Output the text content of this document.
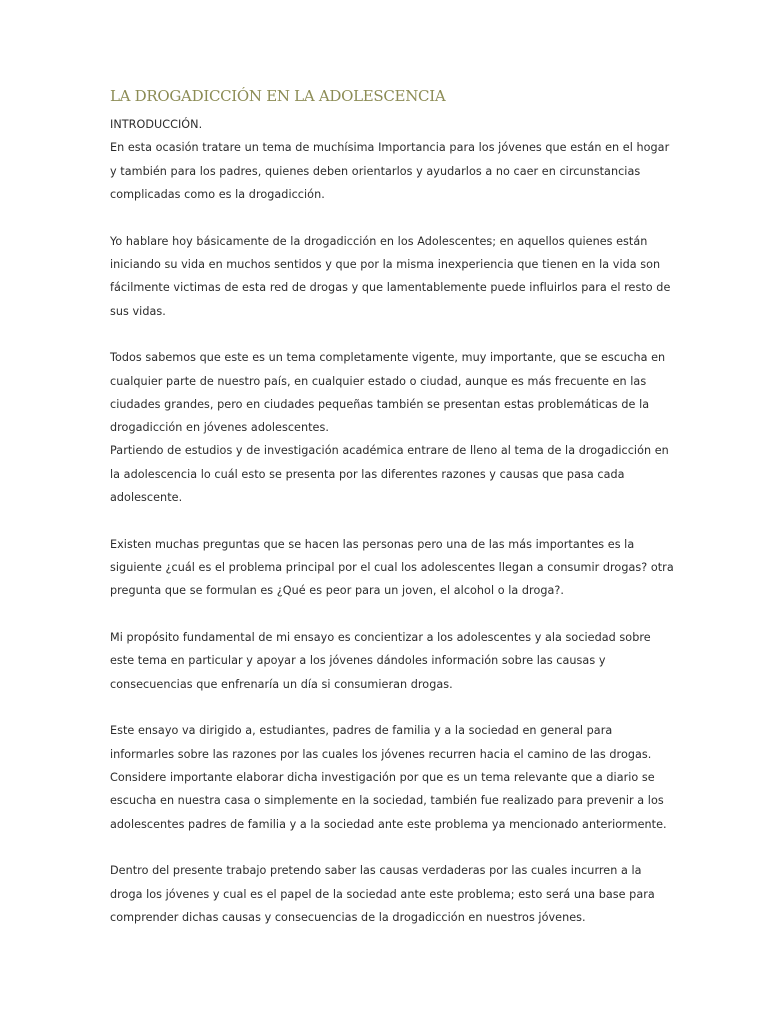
LA DROGADICCIÓN EN LA ADOLESCENCIA
INTRODUCCIÓN.
En esta ocasión tratare un tema de muchísima Importancia para los jóvenes que están en el hogar
y también para los padres, quienes deben orientarlos y ayudarlos a no caer en circunstancias
complicadas como es la drogadicción.
Yo hablare hoy básicamente de la drogadicción en los Adolescentes; en aquellos quienes están
iniciando su vida en muchos sentidos y que por la misma inexperiencia que tienen en la vida son
fácilmente victimas de esta red de drogas y que lamentablemente puede influirlos para el resto de
sus vidas.
Todos sabemos que este es un tema completamente vigente, muy importante, que se escucha en
cualquier parte de nuestro país, en cualquier estado o ciudad, aunque es más frecuente en las
ciudades grandes, pero en ciudades pequeñas también se presentan estas problemáticas de la
drogadicción en jóvenes adolescentes.
Partiendo de estudios y de investigación académica entrare de lleno al tema de la drogadicción en
la adolescencia lo cuál esto se presenta por las diferentes razones y causas que pasa cada
adolescente.
Existen muchas preguntas que se hacen las personas pero una de las más importantes es la
siguiente ¿cuál es el problema principal por el cual los adolescentes llegan a consumir drogas? otra
pregunta que se formulan es ¿Qué es peor para un joven, el alcohol o la droga?.
Mi propósito fundamental de mi ensayo es concientizar a los adolescentes y ala sociedad sobre
este tema en particular y apoyar a los jóvenes dándoles información sobre las causas y
consecuencias que enfrenaría un día si consumieran drogas.
Este ensayo va dirigido a, estudiantes, padres de familia y a la sociedad en general para
informarles sobre las razones por las cuales los jóvenes recurren hacia el camino de las drogas.
Considere importante elaborar dicha investigación por que es un tema relevante que a diario se
escucha en nuestra casa o simplemente en la sociedad, también fue realizado para prevenir a los
adolescentes padres de familia y a la sociedad ante este problema ya mencionado anteriormente.
Dentro del presente trabajo pretendo saber las causas verdaderas por las cuales incurren a la
droga los jóvenes y cual es el papel de la sociedad ante este problema; esto será una base para
comprender dichas causas y consecuencias de la drogadicción en nuestros jóvenes.
